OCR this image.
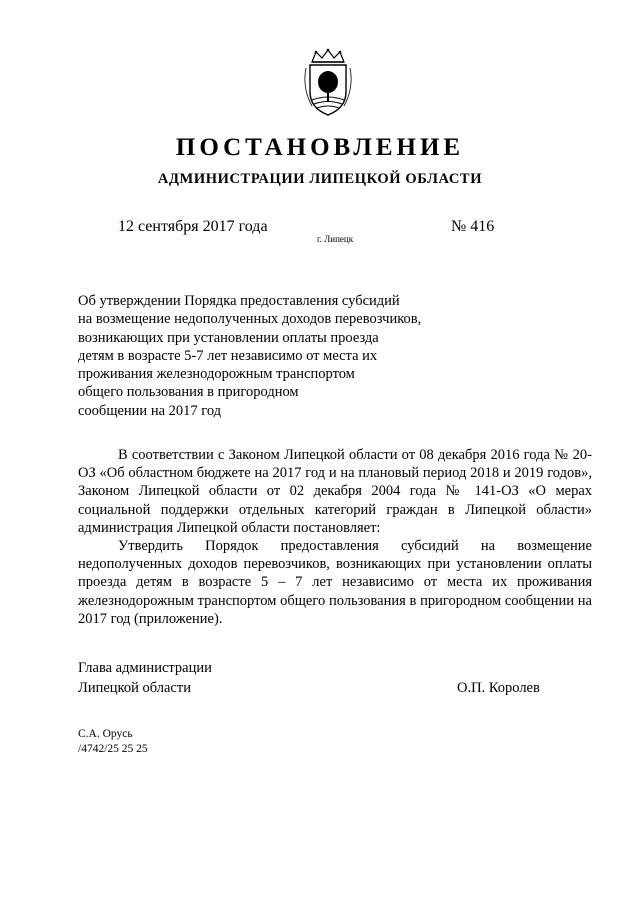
ПОСТАНОВЛЕНИЕ
АДМИНИСТРАЦИИ ЛИПЕЦКОЙ ОБЛАСТИ
12 сентября 2017 года
г. Липецк
№ 416
Об утверждении Порядка предоставления субсидий
на возмещение недополученных доходов перевозчиков,
возникающих при установлении оплаты проезда
детям в возрасте 5-7 лет независимо от места их
проживания железнодорожным транспортом
общего пользования в пригородном
сообщении на 2017 год

В соответствии с Законом Липецкой области от 08 декабря 2016 года № 20-ОЗ «Об областном бюджете на 2017 год и на плановый период 2018 и 2019 годов», Законом Липецкой области от 02 декабря 2004 года № 141-ОЗ «О мерах социальной поддержки отдельных категорий граждан в Липецкой области» администрация Липецкой области постановляет:

Утвердить Порядок предоставления субсидий на возмещение недополученных доходов перевозчиков, возникающих при установлении оплаты проезда детям в возрасте 5 – 7 лет независимо от места их проживания железнодорожным транспортом общего пользования в пригородном сообщении на 2017 год (приложение).

Глава администрации
Липецкой области	О.П. Королев
С.А. Орусь
/4742/25 25 25
